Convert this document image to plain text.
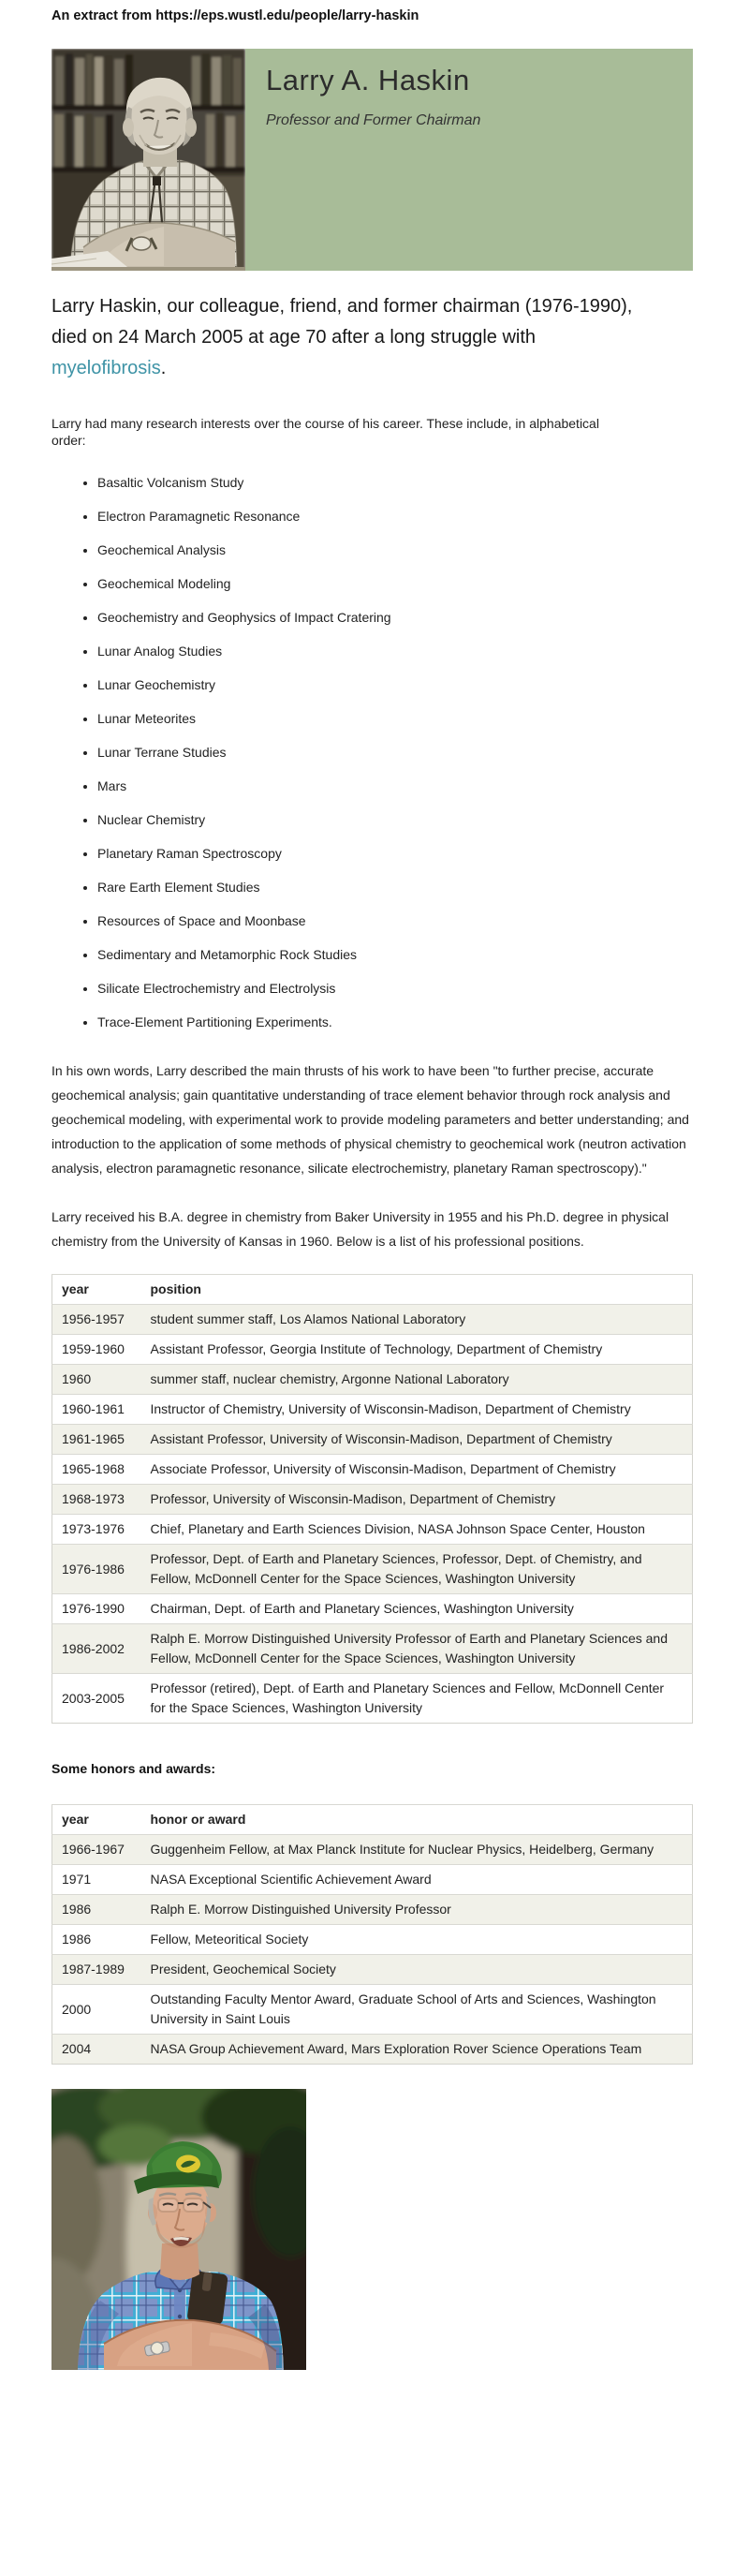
An extract from https://eps.wustl.edu/people/larry-haskin
Larry A. Haskin
Professor and Former Chairman

Larry Haskin, our colleague, friend, and former chairman (1976-1990), died on 24 March 2005 at age 70 after a long struggle with myelofibrosis.

Larry had many research interests over the course of his career. These include, in alphabetical order:

• Basaltic Volcanism Study
• Electron Paramagnetic Resonance
• Geochemical Analysis
• Geochemical Modeling
• Geochemistry and Geophysics of Impact Cratering
• Lunar Analog Studies
• Lunar Geochemistry
• Lunar Meteorites
• Lunar Terrane Studies
• Mars
• Nuclear Chemistry
• Planetary Raman Spectroscopy
• Rare Earth Element Studies
• Resources of Space and Moonbase
• Sedimentary and Metamorphic Rock Studies
• Silicate Electrochemistry and Electrolysis
• Trace-Element Partitioning Experiments.

In his own words, Larry described the main thrusts of his work to have been "to further precise, accurate geochemical analysis; gain quantitative understanding of trace element behavior through rock analysis and geochemical modeling, with experimental work to provide modeling parameters and better understanding; and introduction to the application of some methods of physical chemistry to geochemical work (neutron activation analysis, electron paramagnetic resonance, silicate electrochemistry, planetary Raman spectroscopy)."

Larry received his B.A. degree in chemistry from Baker University in 1955 and his Ph.D. degree in physical chemistry from the University of Kansas in 1960. Below is a list of his professional positions.

year	position
1956-1957	student summer staff, Los Alamos National Laboratory
1959-1960	Assistant Professor, Georgia Institute of Technology, Department of Chemistry
1960	summer staff, nuclear chemistry, Argonne National Laboratory
1960-1961	Instructor of Chemistry, University of Wisconsin-Madison, Department of Chemistry
1961-1965	Assistant Professor, University of Wisconsin-Madison, Department of Chemistry
1965-1968	Associate Professor, University of Wisconsin-Madison, Department of Chemistry
1968-1973	Professor, University of Wisconsin-Madison, Department of Chemistry
1973-1976	Chief, Planetary and Earth Sciences Division, NASA Johnson Space Center, Houston
1976-1986	Professor, Dept. of Earth and Planetary Sciences, Professor, Dept. of Chemistry, and Fellow, McDonnell Center for the Space Sciences, Washington University
1976-1990	Chairman, Dept. of Earth and Planetary Sciences, Washington University
1986-2002	Ralph E. Morrow Distinguished University Professor of Earth and Planetary Sciences and Fellow, McDonnell Center for the Space Sciences, Washington University
2003-2005	Professor (retired), Dept. of Earth and Planetary Sciences and Fellow, McDonnell Center for the Space Sciences, Washington University
Some honors and awards:
year	honor or award
1966-1967	Guggenheim Fellow, at Max Planck Institute for Nuclear Physics, Heidelberg, Germany
1971	NASA Exceptional Scientific Achievement Award
1986	Ralph E. Morrow Distinguished University Professor
1986	Fellow, Meteoritical Society
1987-1989	President, Geochemical Society
2000	Outstanding Faculty Mentor Award, Graduate School of Arts and Sciences, Washington University in Saint Louis
2004	NASA Group Achievement Award, Mars Exploration Rover Science Operations Team
